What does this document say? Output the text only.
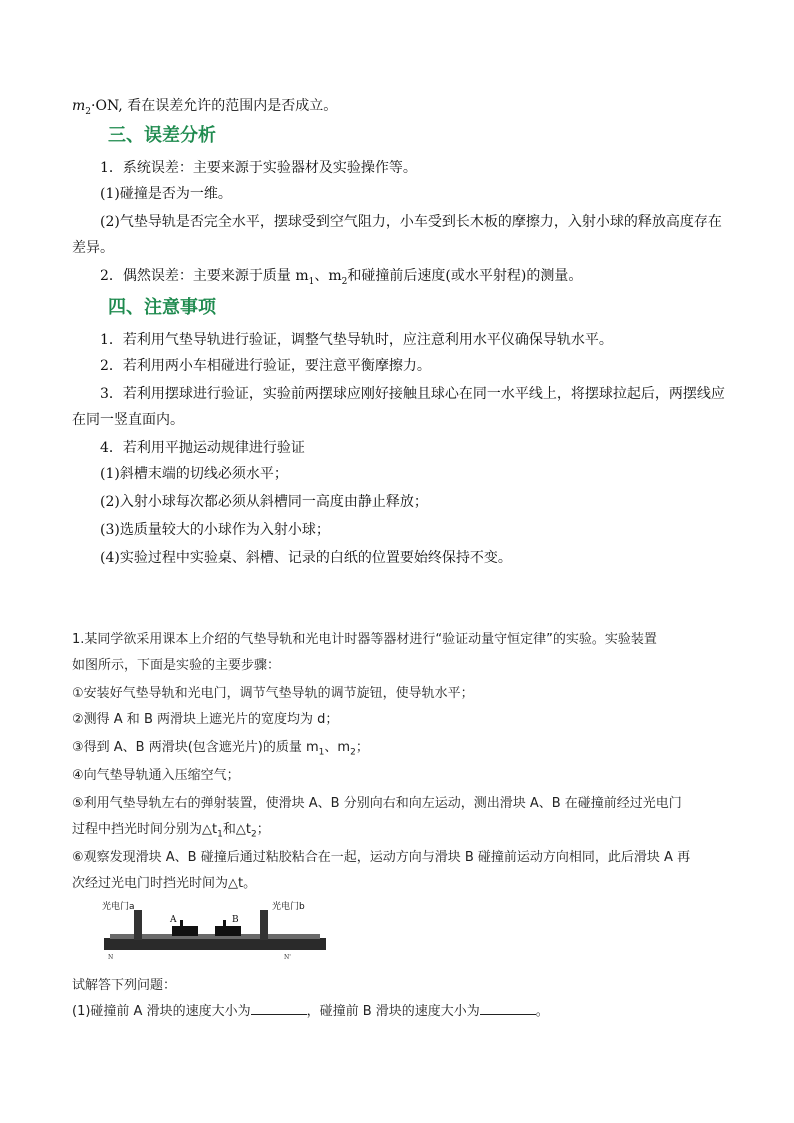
$m_2\cdot ON$, 看在误差允许的范围内是否成立。
三、误差分析
1．系统误差：主要来源于实验器材及实验操作等。
(1)碰撞是否为一维。
(2)气垫导轨是否完全水平，摆球受到空气阻力，小车受到长木板的摩擦力，入射小球的释放高度存在
差异。
2．偶然误差：主要来源于质量 $m_1$、$m_2$和碰撞前后速度(或水平射程)的测量。
四、注意事项
1．若利用气垫导轨进行验证，调整气垫导轨时，应注意利用水平仪确保导轨水平。
2．若利用两小车相碰进行验证，要注意平衡摩擦力。
3．若利用摆球进行验证，实验前两摆球应刚好接触且球心在同一水平线上，将摆球拉起后，两摆线应
在同一竖直面内。
4．若利用平抛运动规律进行验证
(1)斜槽末端的切线必须水平；
(2)入射小球每次都必须从斜槽同一高度由静止释放；
(3)选质量较大的小球作为入射小球；
(4)实验过程中实验桌、斜槽、记录的白纸的位置要始终保持不变。
1.某同学欲采用课本上介绍的气垫导轨和光电计时器等器材进行“验证动量守恒定律”的实验。实验装置
如图所示，下面是实验的主要步骤：
①安装好气垫导轨和光电门，调节气垫导轨的调节旋钮，使导轨水平；
②测得 A 和 B 两滑块上遮光片的宽度均为 d；
③得到 A、B 两滑块(包含遮光片)的质量 $m_1$、$m_2$；
④向气垫导轨通入压缩空气；
⑤利用气垫导轨左右的弹射装置，使滑块 A、B 分别向右和向左运动，测出滑块 A、B 在碰撞前经过光电门
过程中挡光时间分别为$\triangle t_1$和$\triangle t_2$；
⑥观察发现滑块 A、B 碰撞后通过粘胶粘合在一起，运动方向与滑块 B 碰撞前运动方向相同，此后滑块 A 再
次经过光电门时挡光时间为△t。
光电门a	光电门b
A	B
N	N'
试解答下列问题：
(1)碰撞前 A 滑块的速度大小为	，碰撞前 B 滑块的速度大小为	。
